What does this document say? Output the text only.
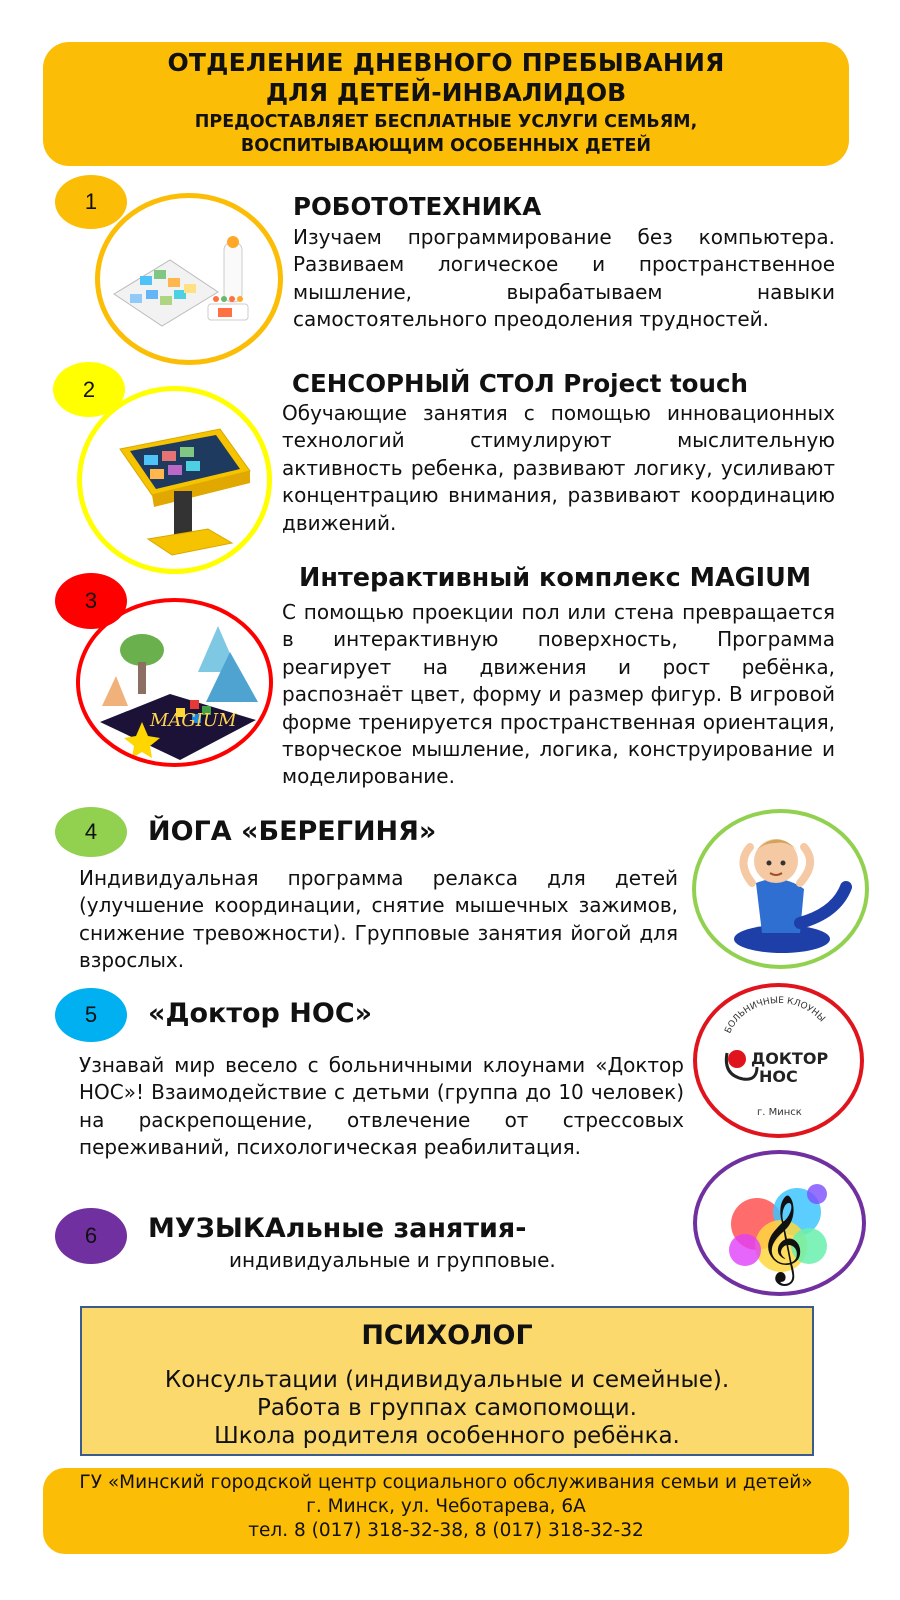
ОТДЕЛЕНИЕ ДНЕВНОГО ПРЕБЫВАНИЯ
ДЛЯ ДЕТЕЙ-ИНВАЛИДОВ
ПРЕДОСТАВЛЯЕТ БЕСПЛАТНЫЕ УСЛУГИ СЕМЬЯМ,
ВОСПИТЫВАЮЩИМ ОСОБЕННЫХ ДЕТЕЙ
1	РОБОТОТЕХНИКА
Изучаем программирование без компьютера. Развиваем логическое и пространственное мышление, вырабатываем навыки самостоятельного преодоления трудностей.
2	СЕНСОРНЫЙ СТОЛ Project touch
Обучающие занятия с помощью инновационных технологий стимулируют мыслительную активность ребенка, развивают логику, усиливают концентрацию внимания, развивают координацию движений.
MAGIUM
3
Интерактивный комплекс MAGIUM
С помощью проекции пол или стена превращается в интерактивную поверхность, Программа реагирует на движения и рост ребёнка, распознаёт цвет, форму и размер фигур. В игровой форме тренируется пространственная ориентация, творческое мышление, логика, конструирование и моделирование.
4	ЙОГА «БЕРЕГИНЯ»
Индивидуальная программа релакса для детей (улучшение координации, снятие мышечных зажимов, снижение тревожности). Групповые занятия йогой для взрослых.
5	«Доктор НОС»
Узнавай мир весело с больничными клоунами «Доктор НОС»! Взаимодействие с детьми (группа до 10 человек) на раскрепощение, отвлечение от стрессовых переживаний, психологическая реабилитация.
БОЛЬНИЧНЫЕ КЛОУНЫ
ДОКТОР
НОС
г. Минск
6	МУЗЫКАльные занятия-
индивидуальные и групповые.	𝄞
ПСИХОЛОГ
Консультации (индивидуальные и семейные).
Работа в группах самопомощи.
Школа родителя особенного ребёнка.
ГУ «Минский городской центр социального обслуживания семьи и детей»
г. Минск, ул. Чеботарева, 6А
тел. 8 (017) 318-32-38, 8 (017) 318-32-32
